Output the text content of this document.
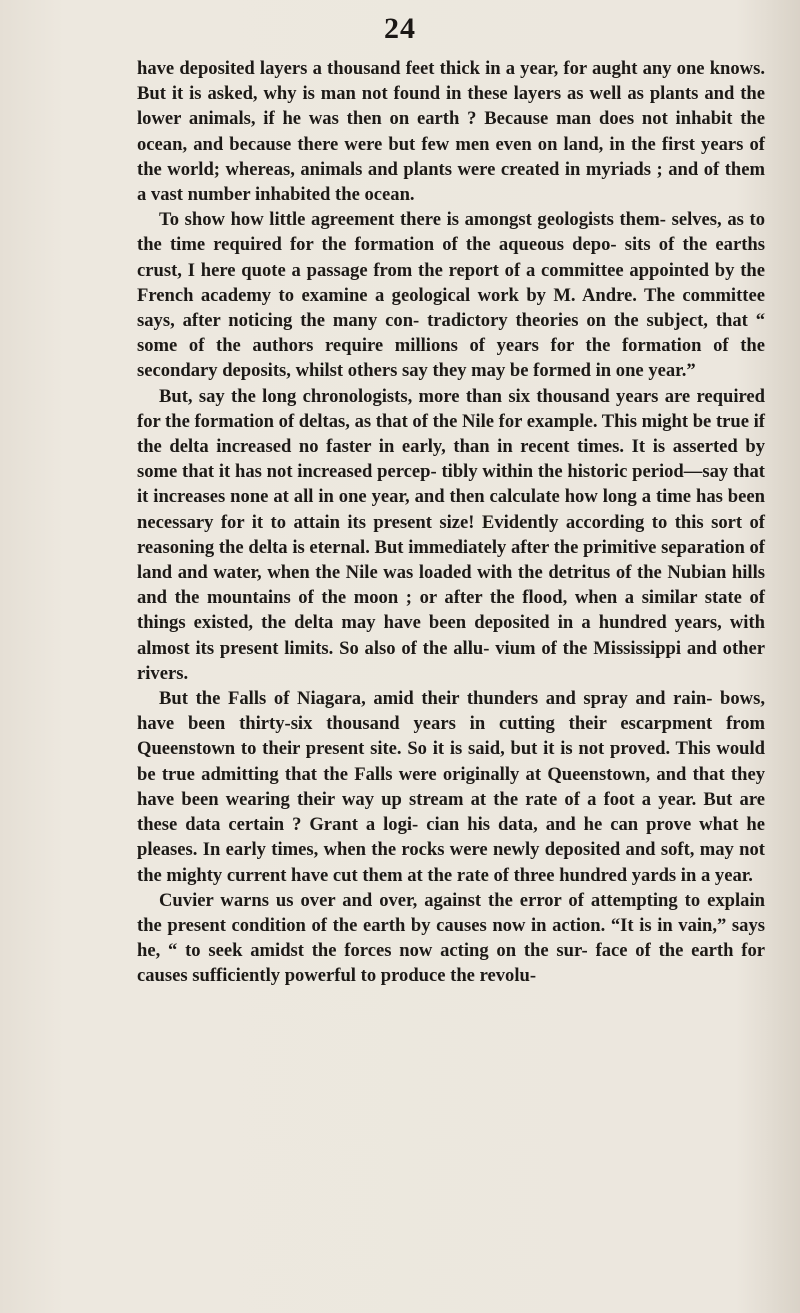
24

have deposited layers a thousand feet thick in a year, for aught any one knows. But it is asked, why is man not found in these layers as well as plants and the lower animals, if he was then on earth ? Because man does not inhabit the ocean, and because there were but few men even on land, in the first years of the world; whereas, animals and plants were created in myriads ; and of them a vast number inhabited the ocean.

To show how little agreement there is amongst geologists them- selves, as to the time required for the formation of the aqueous depo- sits of the earths crust, I here quote a passage from the report of a committee appointed by the French academy to examine a geological work by M. Andre. The committee says, after noticing the many con- tradictory theories on the subject, that “ some of the authors require millions of years for the formation of the secondary deposits, whilst others say they may be formed in one year.”

But, say the long chronologists, more than six thousand years are required for the formation of deltas, as that of the Nile for example. This might be true if the delta increased no faster in early, than in recent times. It is asserted by some that it has not increased percep- tibly within the historic period—say that it increases none at all in one year, and then calculate how long a time has been necessary for it to attain its present size! Evidently according to this sort of reasoning the delta is eternal. But immediately after the primitive separation of land and water, when the Nile was loaded with the detritus of the Nubian hills and the mountains of the moon ; or after the flood, when a similar state of things existed, the delta may have been deposited in a hundred years, with almost its present limits. So also of the allu- vium of the Mississippi and other rivers.

But the Falls of Niagara, amid their thunders and spray and rain- bows, have been thirty-six thousand years in cutting their escarpment from Queenstown to their present site. So it is said, but it is not proved. This would be true admitting that the Falls were originally at Queenstown, and that they have been wearing their way up stream at the rate of a foot a year. But are these data certain ? Grant a logi- cian his data, and he can prove what he pleases. In early times, when the rocks were newly deposited and soft, may not the mighty current have cut them at the rate of three hundred yards in a year.

Cuvier warns us over and over, against the error of attempting to explain the present condition of the earth by causes now in action. “It is in vain,” says he, “ to seek amidst the forces now acting on the sur- face of the earth for causes sufficiently powerful to produce the revolu-
